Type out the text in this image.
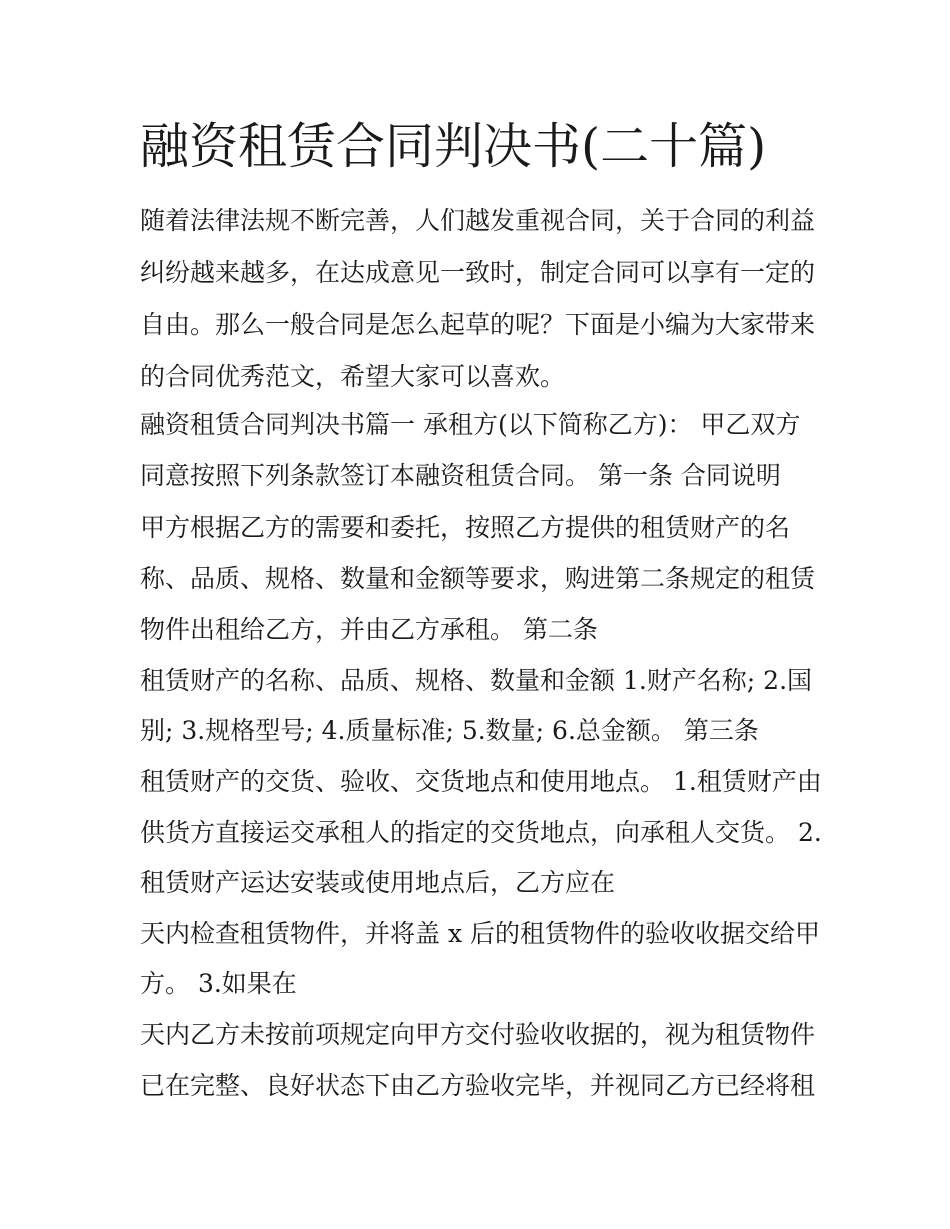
融资租赁合同判决书(二十篇)

随着法律法规不断完善，人们越发重视合同，关于合同的利益

纠纷越来越多，在达成意见一致时，制定合同可以享有一定的

自由。那么一般合同是怎么起草的呢？下面是小编为大家带来

的合同优秀范文，希望大家可以喜欢。

融资租赁合同判决书篇一 承租方(以下简称乙方)： 甲乙双方

同意按照下列条款签订本融资租赁合同。 第一条 合同说明

甲方根据乙方的需要和委托，按照乙方提供的租赁财产的名

称、品质、规格、数量和金额等要求，购进第二条规定的租赁

物件出租给乙方，并由乙方承租。 第二条

租赁财产的名称、品质、规格、数量和金额 1.财产名称; 2.国

别; 3.规格型号; 4.质量标准; 5.数量; 6.总金额。 第三条

租赁财产的交货、验收、交货地点和使用地点。 1.租赁财产由

供货方直接运交承租人的指定的交货地点，向承租人交货。 2.

租赁财产运达安装或使用地点后，乙方应在

天内检查租赁物件，并将盖 x 后的租赁物件的验收收据交给甲

方。 3.如果在

天内乙方未按前项规定向甲方交付验收收据的，视为租赁物件

已在完整、良好状态下由乙方验收完毕，并视同乙方已经将租
